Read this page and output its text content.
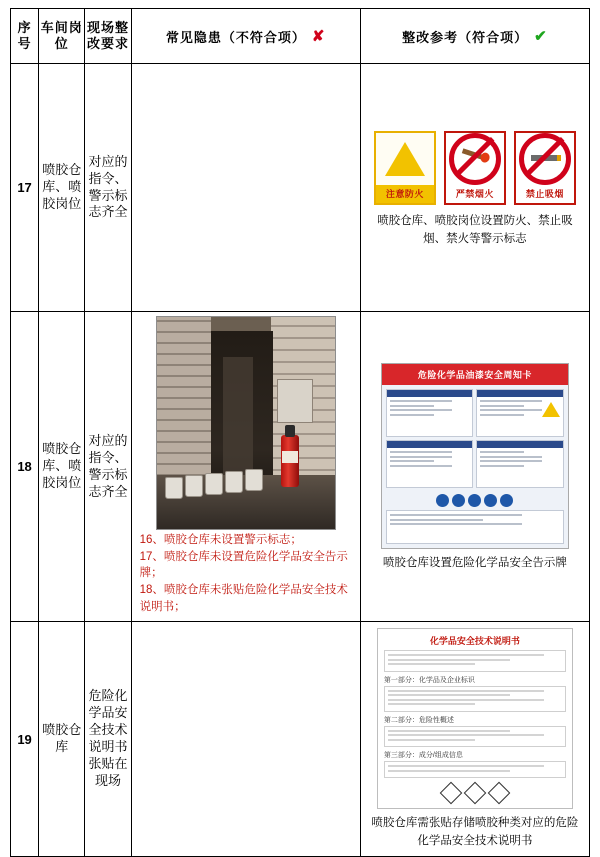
序号	车间岗位	现场整改要求	常见隐患（不符合项） ✘	整改参考（符合项） ✔

17	喷胶仓库、喷胶岗位	对应的指令、警示标志齐全		注意防火 严禁烟火 禁止吸烟
喷胶仓库、喷胶岗位设置防火、禁止吸烟、禁火等警示标志

18	喷胶仓库、喷胶岗位	对应的指令、警示标志齐全	
16、喷胶仓库未设置警示标志；
17、喷胶仓库未设置危险化学品安全告示牌；
18、喷胶仓库未张贴危险化学品安全技术说明书；

危险化学品油漆安全周知卡
喷胶仓库设置危险化学品安全告示牌

19	喷胶仓库	危险化学品安全技术说明书张贴在现场		化学品安全技术说明书
第一部分：化学品及企业标识
第二部分：危险性概述
第三部分：成分/组成信息
喷胶仓库需张贴存储喷胶种类对应的危险化学品安全技术说明书
